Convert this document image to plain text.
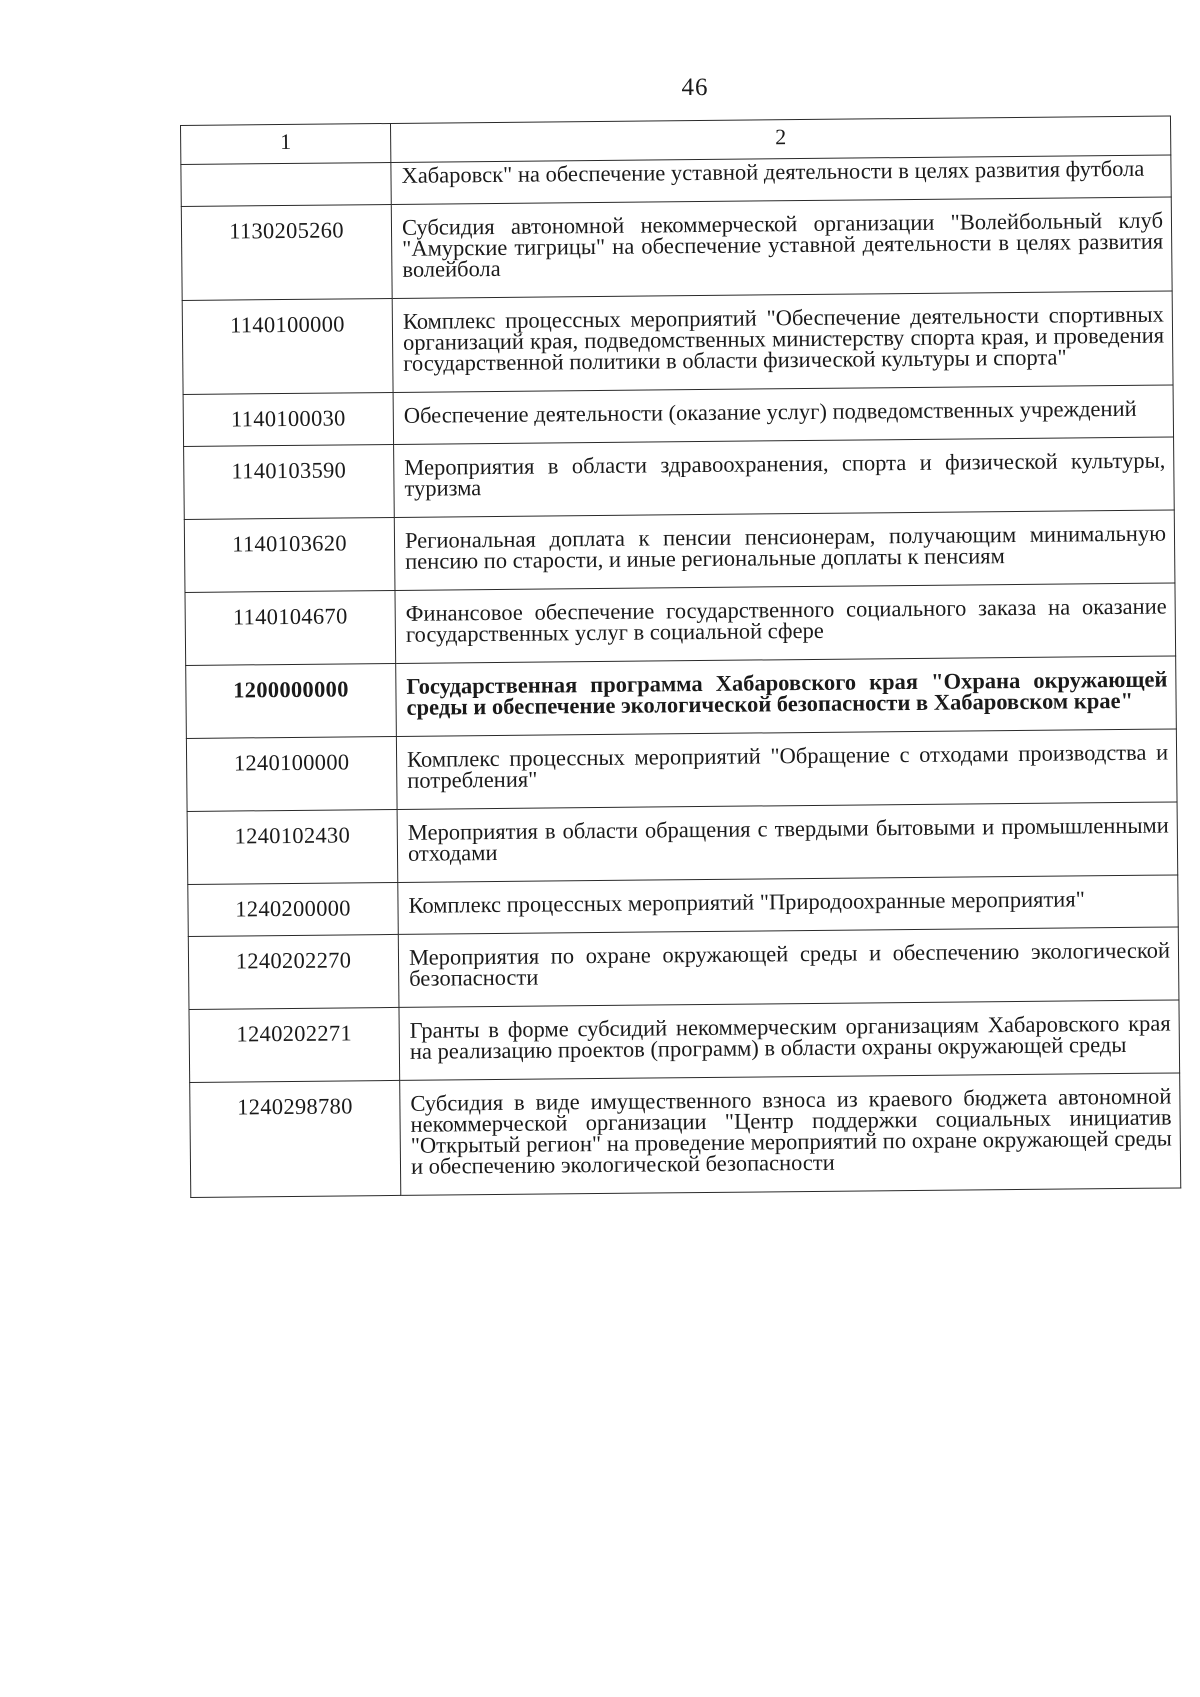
46
1	2
	Хабаровск" на обеспечение уставной деятельности в целях развития футбола
1130205260	Субсидия автономной некоммерческой организации "Волейбольный клуб "Амурские тигрицы" на обеспечение уставной деятельности в целях развития волейбола
1140100000	Комплекс процессных мероприятий "Обеспечение деятельности спортивных организаций края, подведомственных министерству спорта края, и проведения государственной политики в области физической культуры и спорта"
1140100030	Обеспечение деятельности (оказание услуг) подведомственных учреждений
1140103590	Мероприятия в области здравоохранения, спорта и физической культуры, туризма
1140103620	Региональная доплата к пенсии пенсионерам, получающим минимальную пенсию по старости, и иные региональные доплаты к пенсиям
1140104670	Финансовое обеспечение государственного социального заказа на оказание государственных услуг в социальной сфере
1200000000	Государственная программа Хабаровского края "Охрана окружающей среды и обеспечение экологической безопасности в Хабаровском крае"
1240100000	Комплекс процессных мероприятий "Обращение с отходами производства и потребления"
1240102430	Мероприятия в области обращения с твердыми бытовыми и промышленными отходами
1240200000	Комплекс процессных мероприятий "Природоохранные мероприятия"
1240202270	Мероприятия по охране окружающей среды и обеспечению экологической безопасности
1240202271	Гранты в форме субсидий некоммерческим организациям Хабаровского края на реализацию проектов (программ) в области охраны окружающей среды
1240298780	Субсидия в виде имущественного взноса из краевого бюджета автономной некоммерческой организации "Центр поддержки социальных инициатив "Открытый регион" на проведение мероприятий по охране окружающей среды и обеспечению экологической безопасности
